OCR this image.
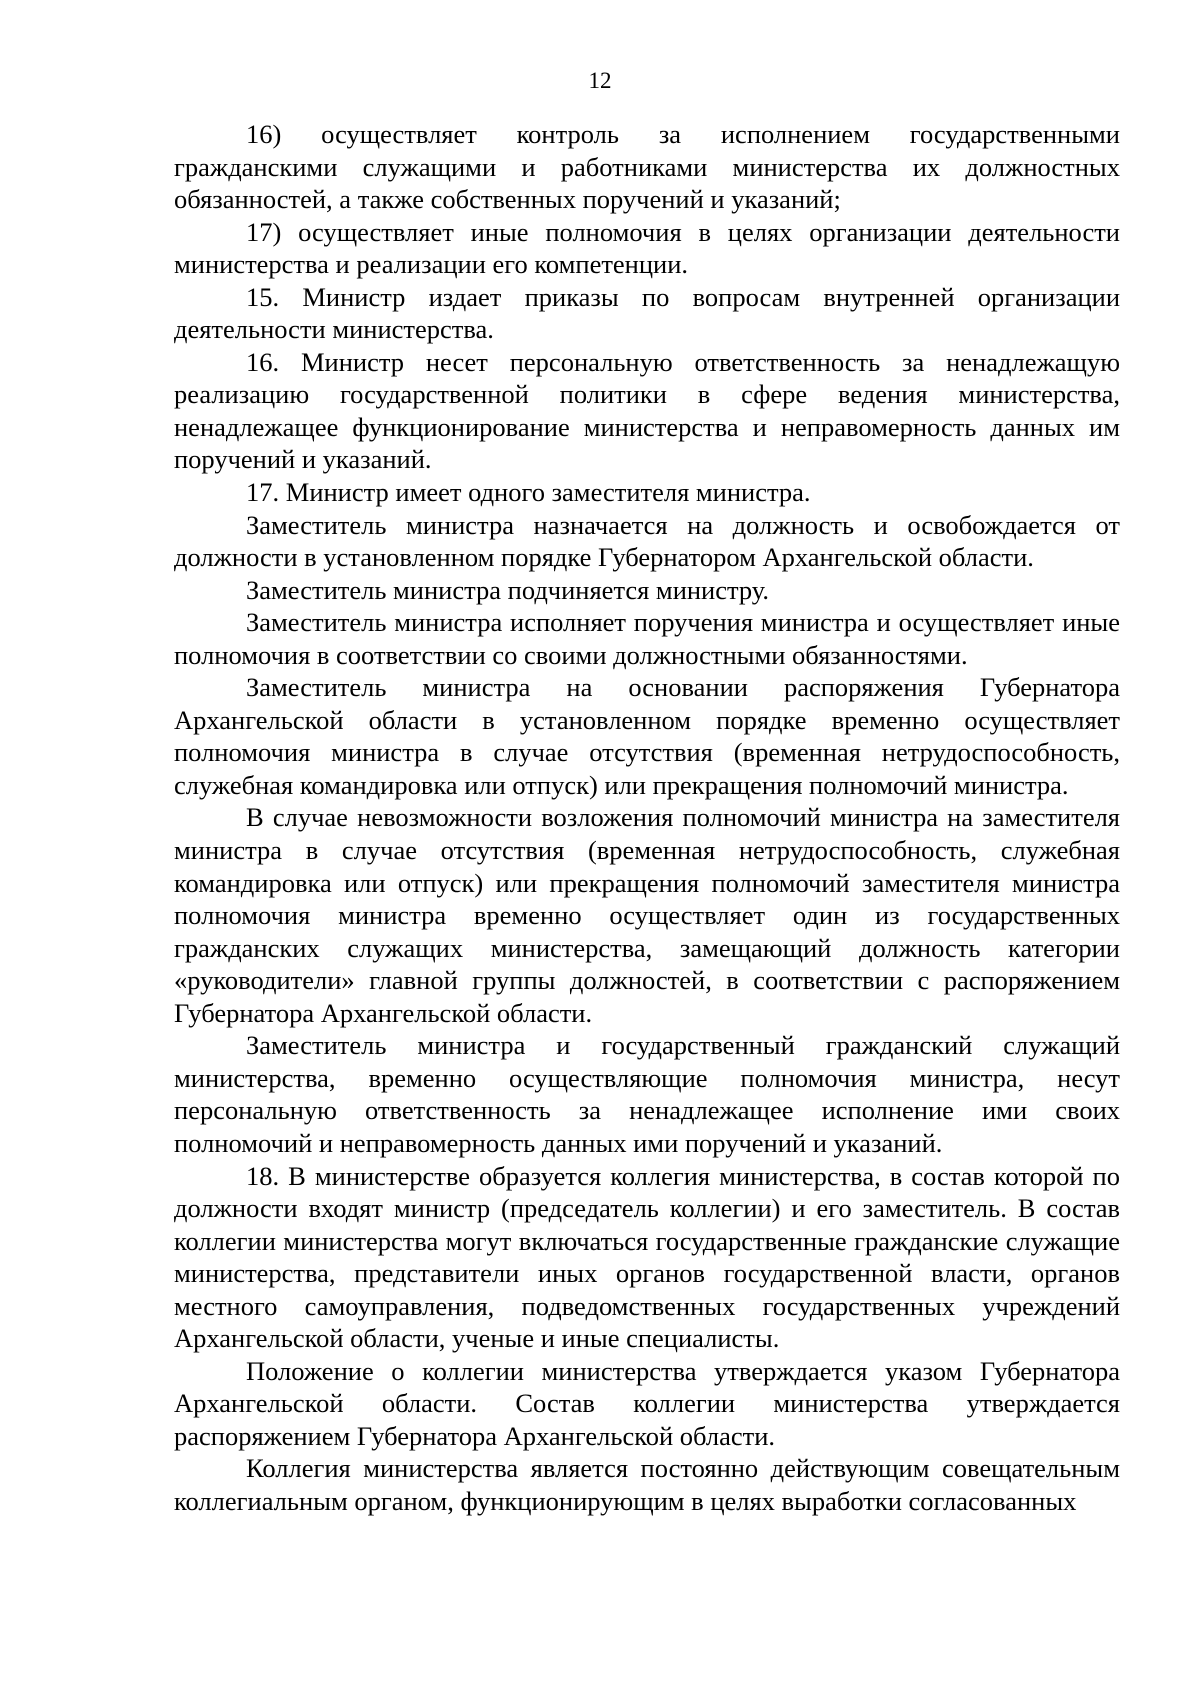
12

16) осуществляет контроль за исполнением государственными гражданскими служащими и работниками министерства их должностных обязанностей, а также собственных поручений и указаний;

17) осуществляет иные полномочия в целях организации деятельности министерства и реализации его компетенции.

15. Министр издает приказы по вопросам внутренней организации деятельности министерства.

16. Министр несет персональную ответственность за ненадлежащую реализацию государственной политики в сфере ведения министерства, ненадлежащее функционирование министерства и неправомерность данных им поручений и указаний.

17. Министр имеет одного заместителя министра.

Заместитель министра назначается на должность и освобождается от должности в установленном порядке Губернатором Архангельской области.

Заместитель министра подчиняется министру.

Заместитель министра исполняет поручения министра и осуществляет иные полномочия в соответствии со своими должностными обязанностями.

Заместитель министра на основании распоряжения Губернатора Архангельской области в установленном порядке временно осуществляет полномочия министра в случае отсутствия (временная нетрудоспособность, служебная командировка или отпуск) или прекращения полномочий министра.

В случае невозможности возложения полномочий министра на заместителя министра в случае отсутствия (временная нетрудоспособность, служебная командировка или отпуск) или прекращения полномочий заместителя министра полномочия министра временно осуществляет один из государственных гражданских служащих министерства, замещающий должность категории «руководители» главной группы должностей, в соответствии с распоряжением Губернатора Архангельской области.

Заместитель министра и государственный гражданский служащий министерства, временно осуществляющие полномочия министра, несут персональную ответственность за ненадлежащее исполнение ими своих полномочий и неправомерность данных ими поручений и указаний.

18. В министерстве образуется коллегия министерства, в состав которой по должности входят министр (председатель коллегии) и его заместитель. В состав коллегии министерства могут включаться государственные гражданские служащие министерства, представители иных органов государственной власти, органов местного самоуправления, подведомственных государственных учреждений Архангельской области, ученые и иные специалисты.

Положение о коллегии министерства утверждается указом Губернатора Архангельской области. Состав коллегии министерства утверждается распоряжением Губернатора Архангельской области.

Коллегия министерства является постоянно действующим совещательным коллегиальным органом, функционирующим в целях выработки согласованных
